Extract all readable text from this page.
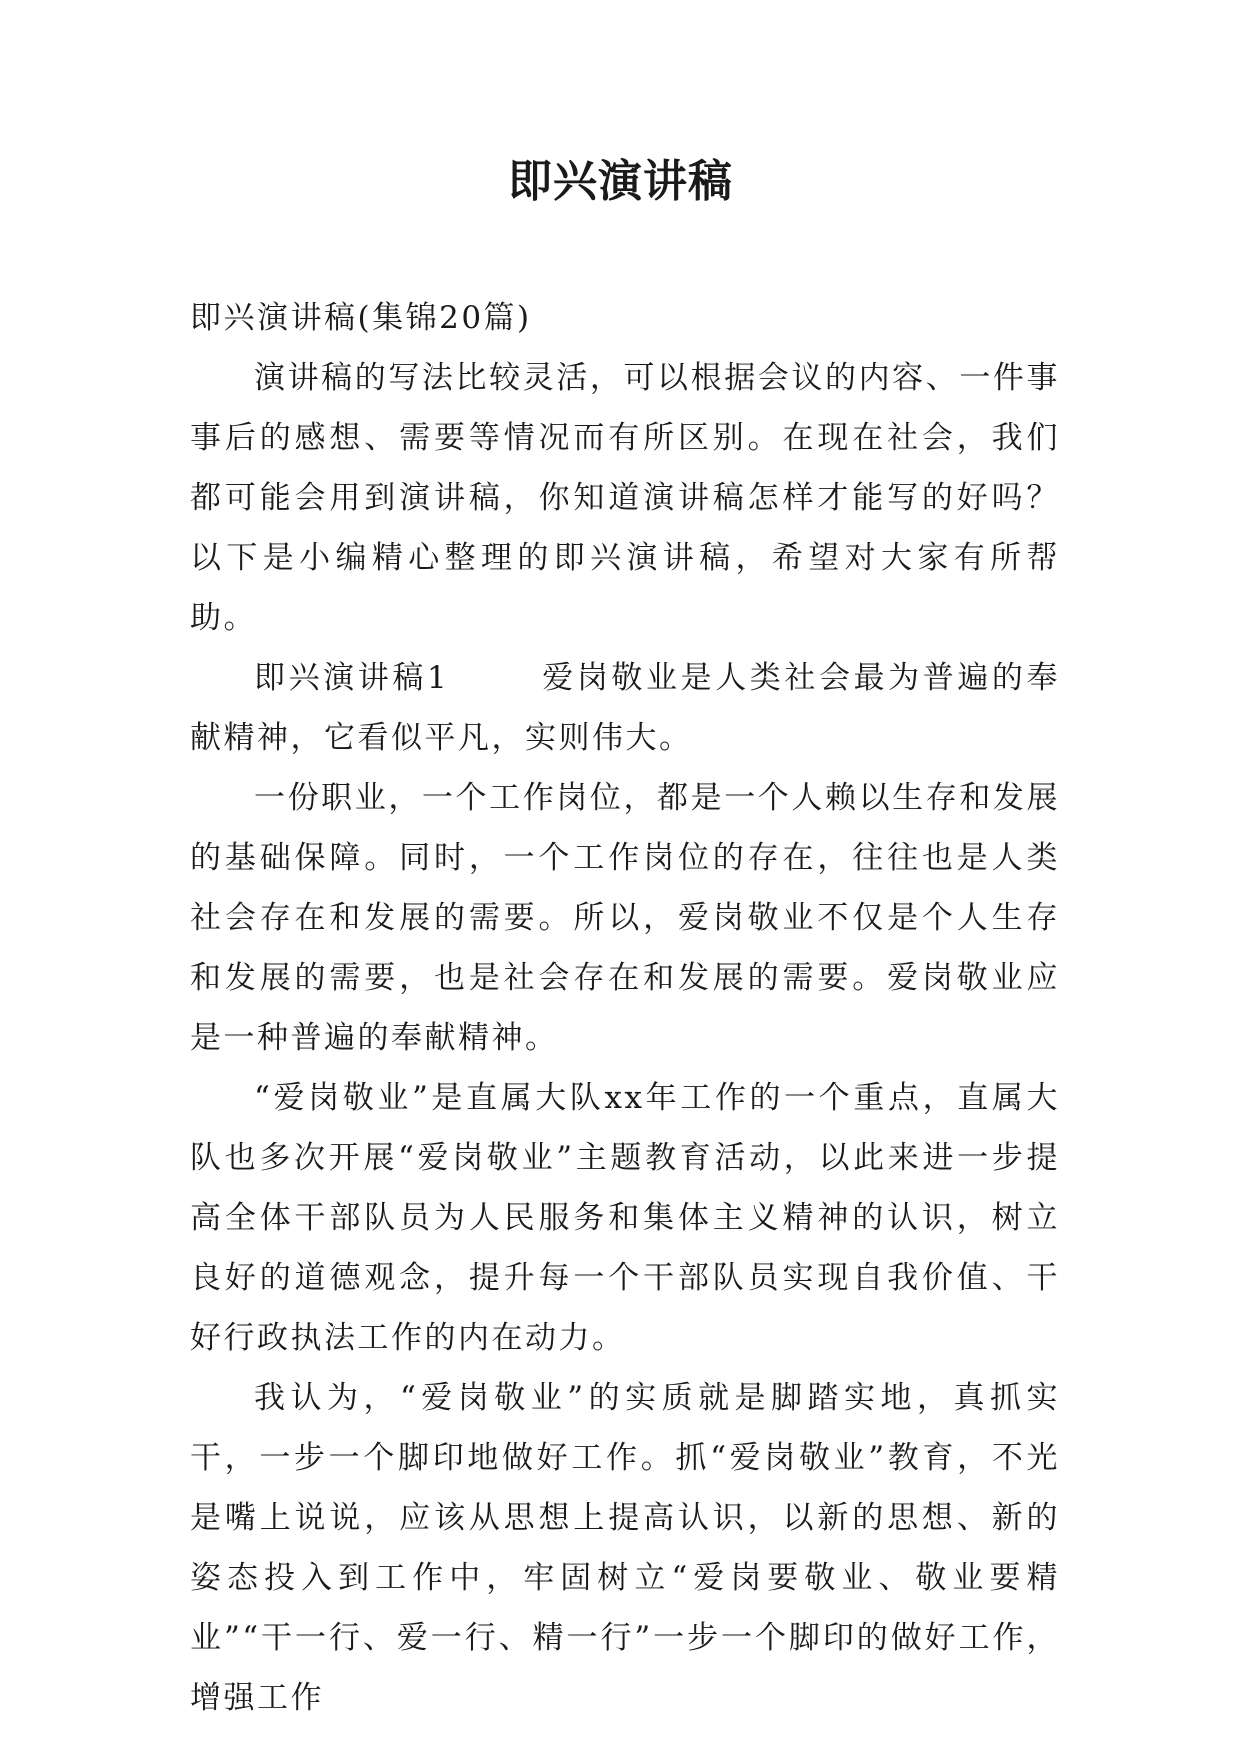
即兴演讲稿

即兴演讲稿(集锦20篇)

演讲稿的写法比较灵活，可以根据会议的内容、一件事事后的感想、需要等情况而有所区别。在现在社会，我们都可能会用到演讲稿，你知道演讲稿怎样才能写的好吗？以下是小编精心整理的即兴演讲稿，希望对大家有所帮助。

即兴演讲稿1	爱岗敬业是人类社会最为普遍的奉献精神，它看似平凡，实则伟大。

一份职业，一个工作岗位，都是一个人赖以生存和发展的基础保障。同时，一个工作岗位的存在，往往也是人类社会存在和发展的需要。所以，爱岗敬业不仅是个人生存和发展的需要，也是社会存在和发展的需要。爱岗敬业应是一种普遍的奉献精神。

“爱岗敬业”是直属大队xx年工作的一个重点，直属大队也多次开展“爱岗敬业”主题教育活动，以此来进一步提高全体干部队员为人民服务和集体主义精神的认识，树立良好的道德观念，提升每一个干部队员实现自我价值、干好行政执法工作的内在动力。

我认为，“爱岗敬业”的实质就是脚踏实地，真抓实干，一步一个脚印地做好工作。抓“爱岗敬业”教育，不光是嘴上说说，应该从思想上提高认识，以新的思想、新的姿态投入到工作中，牢固树立“爱岗要敬业、敬业要精业”“干一行、爱一行、精一行”一步一个脚印的做好工作，增强工作
